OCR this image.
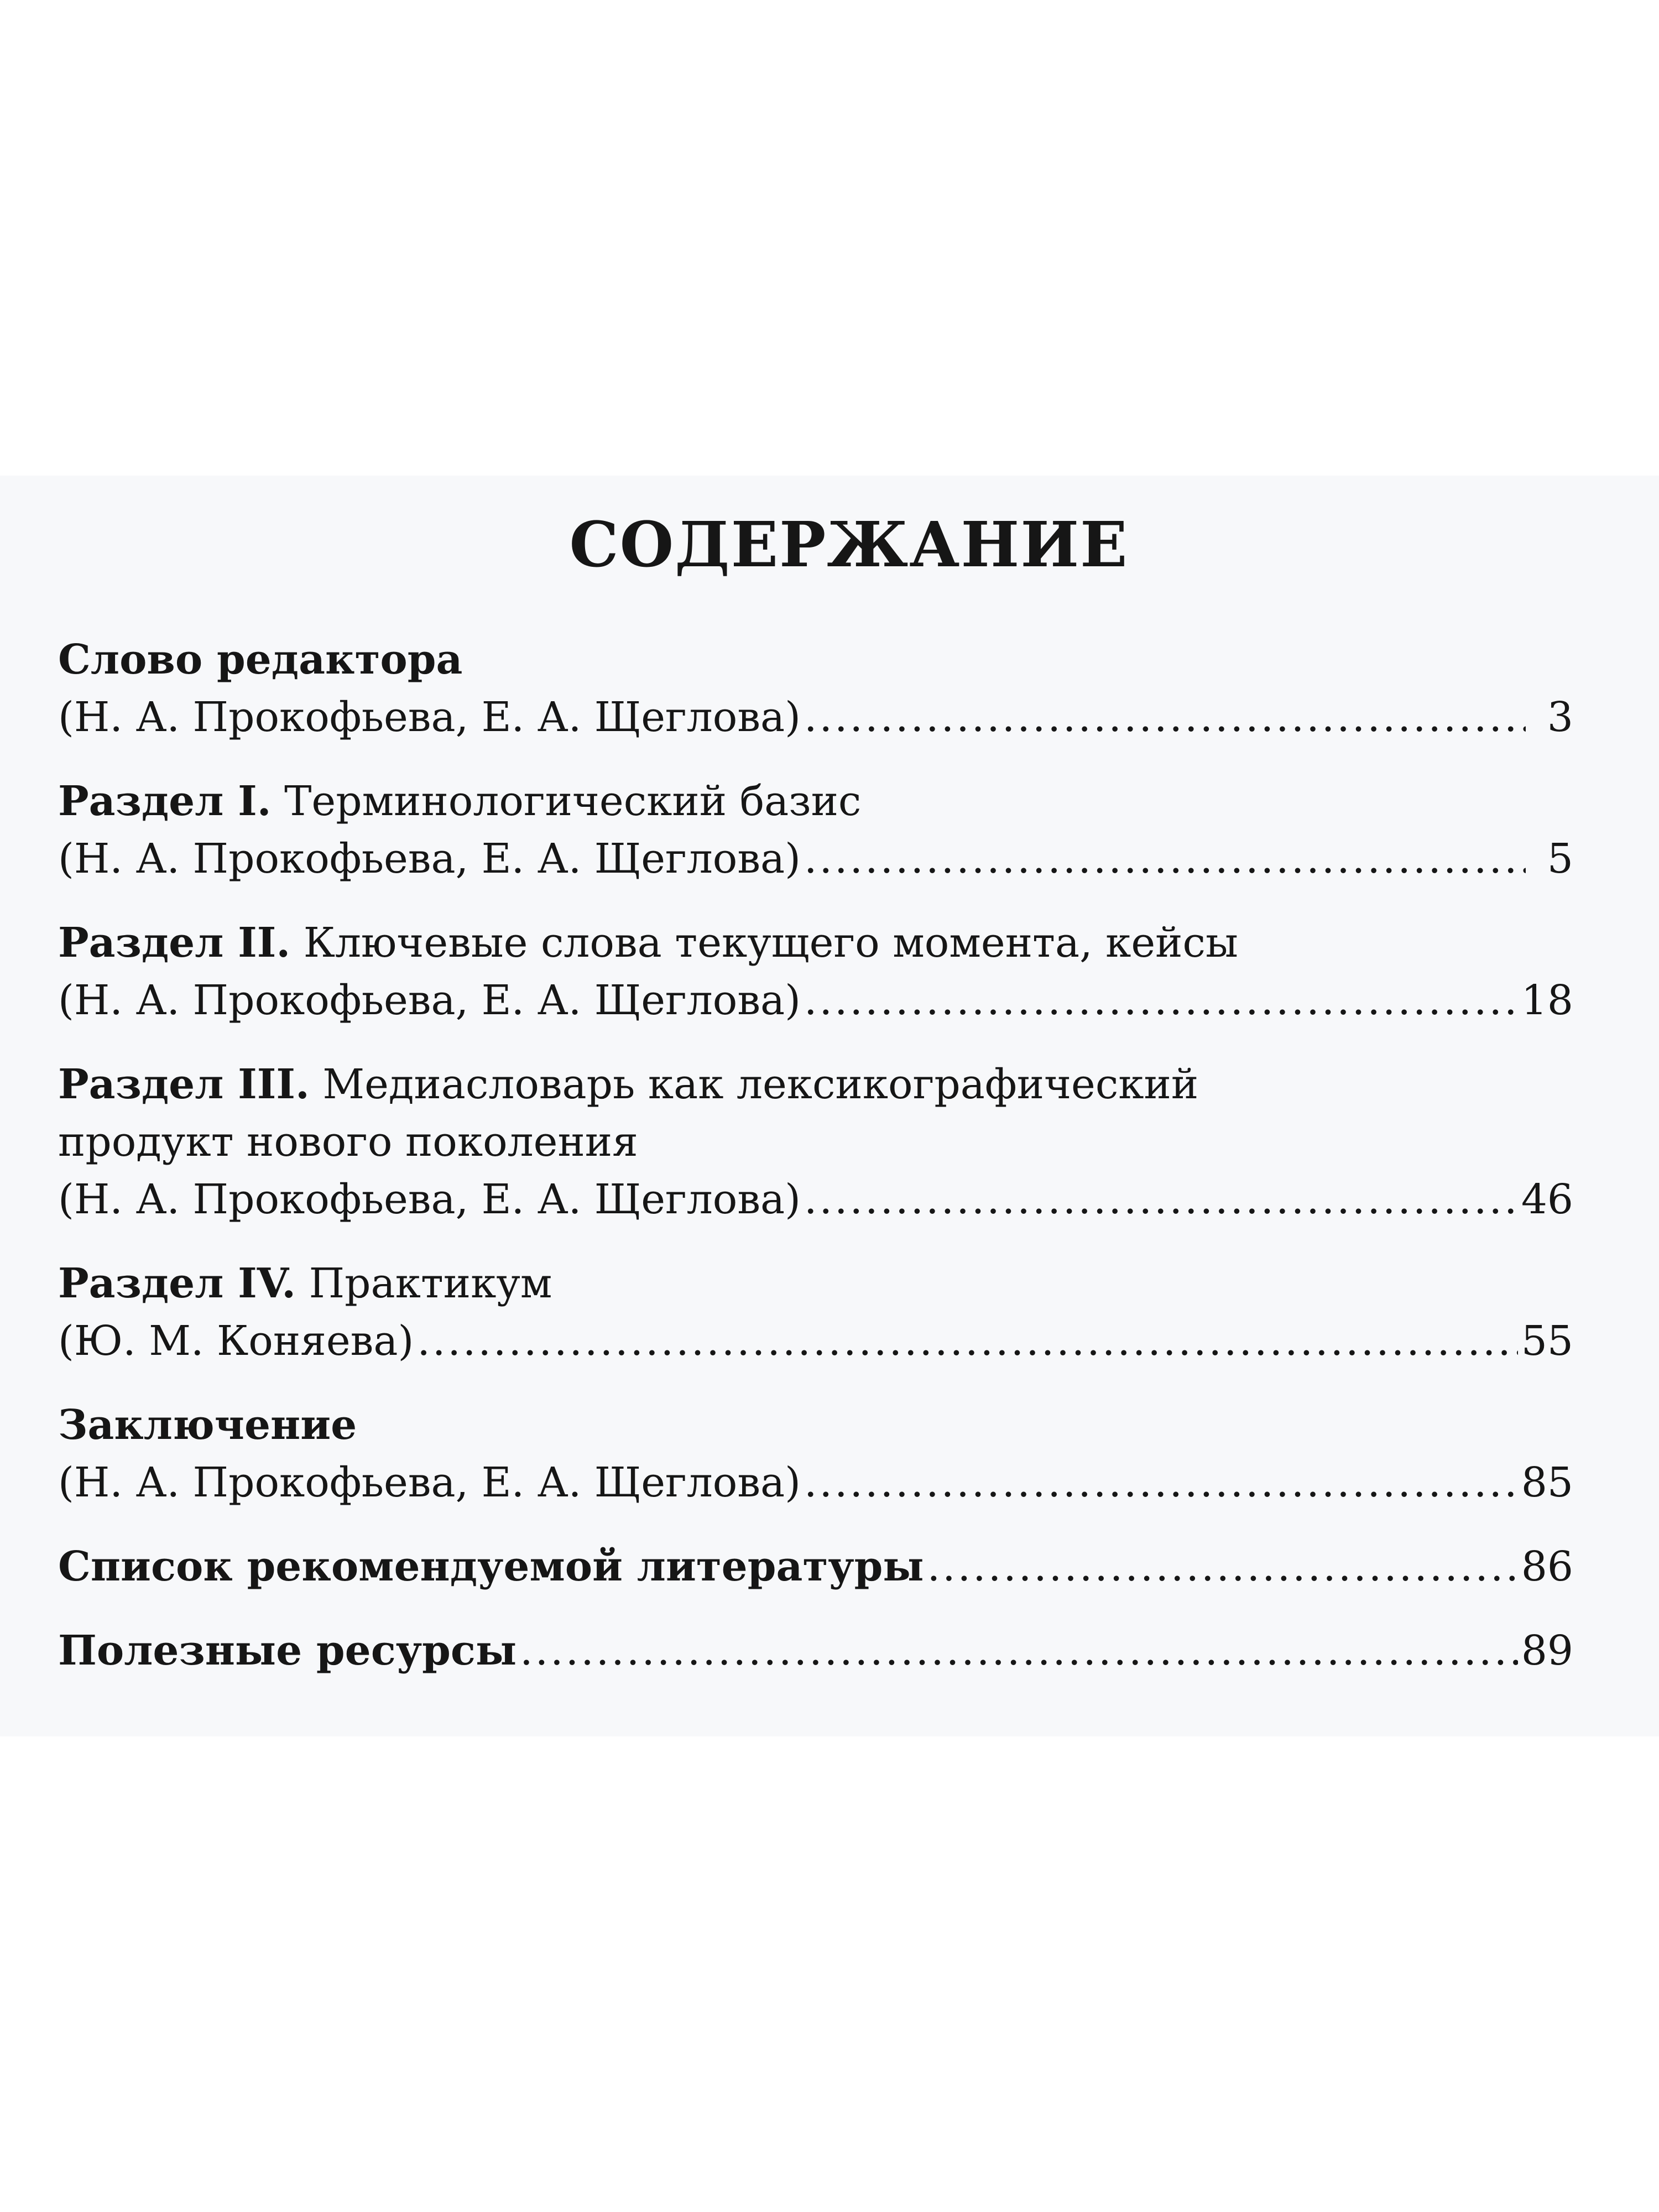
СОДЕРЖАНИЕ
Слово редактора
(Н. А. Прокофьева, Е. А. Щеглова) .....	3
Раздел I. Терминологический базис
(Н. А. Прокофьева, Е. А. Щеглова) .....	5
Раздел II. Ключевые слова текущего момента, кейсы
(Н. А. Прокофьева, Е. А. Щеглова) .....	18
Раздел III. Медиасловарь как лексикографический
продукт нового поколения
(Н. А. Прокофьева, Е. А. Щеглова) .....	46
Раздел IV. Практикум
(Ю. М. Коняева) .....	55
Заключение
(Н. А. Прокофьева, Е. А. Щеглова) .....	85
Список рекомендуемой литературы .....	86
Полезные ресурсы .....	89
